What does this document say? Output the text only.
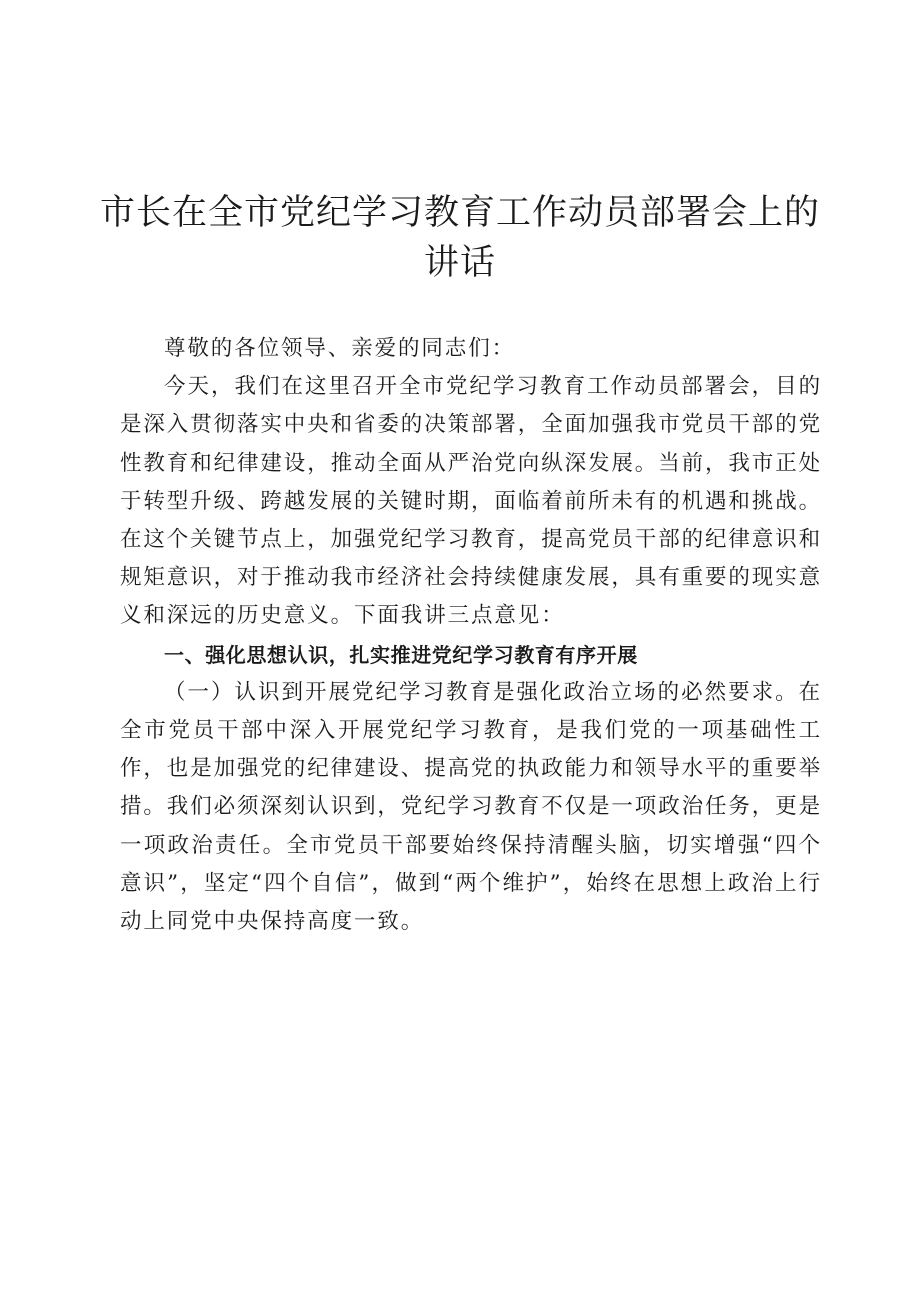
市长在全市党纪学习教育工作动员部署会上的
讲话

尊敬的各位领导、亲爱的同志们：

今天，我们在这里召开全市党纪学习教育工作动员部署会，目的是深入贯彻落实中央和省委的决策部署，全面加强我市党员干部的党性教育和纪律建设，推动全面从严治党向纵深发展。当前，我市正处于转型升级、跨越发展的关键时期，面临着前所未有的机遇和挑战。在这个关键节点上，加强党纪学习教育，提高党员干部的纪律意识和规矩意识，对于推动我市经济社会持续健康发展，具有重要的现实意义和深远的历史意义。下面我讲三点意见：

一、强化思想认识，扎实推进党纪学习教育有序开展

（一）认识到开展党纪学习教育是强化政治立场的必然要求。在全市党员干部中深入开展党纪学习教育，是我们党的一项基础性工作，也是加强党的纪律建设、提高党的执政能力和领导水平的重要举措。我们必须深刻认识到，党纪学习教育不仅是一项政治任务，更是一项政治责任。全市党员干部要始终保持清醒头脑，切实增强“四个意识”，坚定“四个自信”，做到“两个维护”，始终在思想上政治上行动上同党中央保持高度一致。
